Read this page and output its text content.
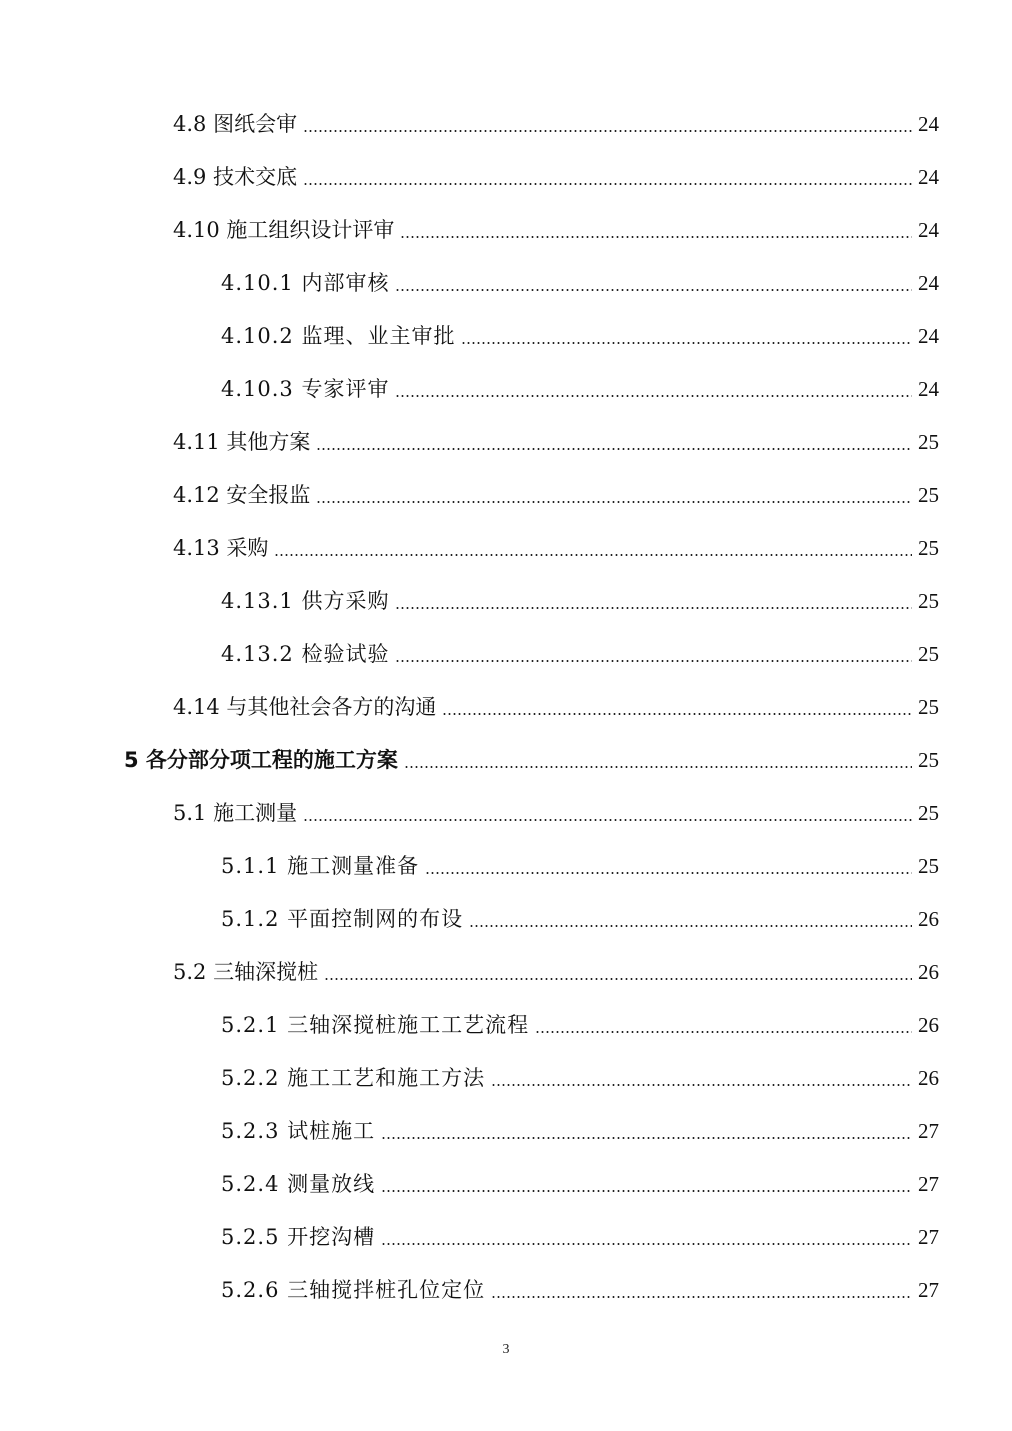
4.8 图纸会审	24
4.9 技术交底	24
4.10 施工组织设计评审	24
4.10.1 内部审核	24
4.10.2 监理、业主审批	24
4.10.3 专家评审	24
4.11 其他方案	25
4.12 安全报监	25
4.13 采购	25
4.13.1 供方采购	25
4.13.2 检验试验	25
4.14 与其他社会各方的沟通	25
5 各分部分项工程的施工方案	25
5.1 施工测量	25
5.1.1 施工测量准备	25
5.1.2 平面控制网的布设	26
5.2 三轴深搅桩	26
5.2.1 三轴深搅桩施工工艺流程	26
5.2.2 施工工艺和施工方法	26
5.2.3 试桩施工	27
5.2.4 测量放线	27
5.2.5 开挖沟槽	27
5.2.6 三轴搅拌桩孔位定位	27
3
